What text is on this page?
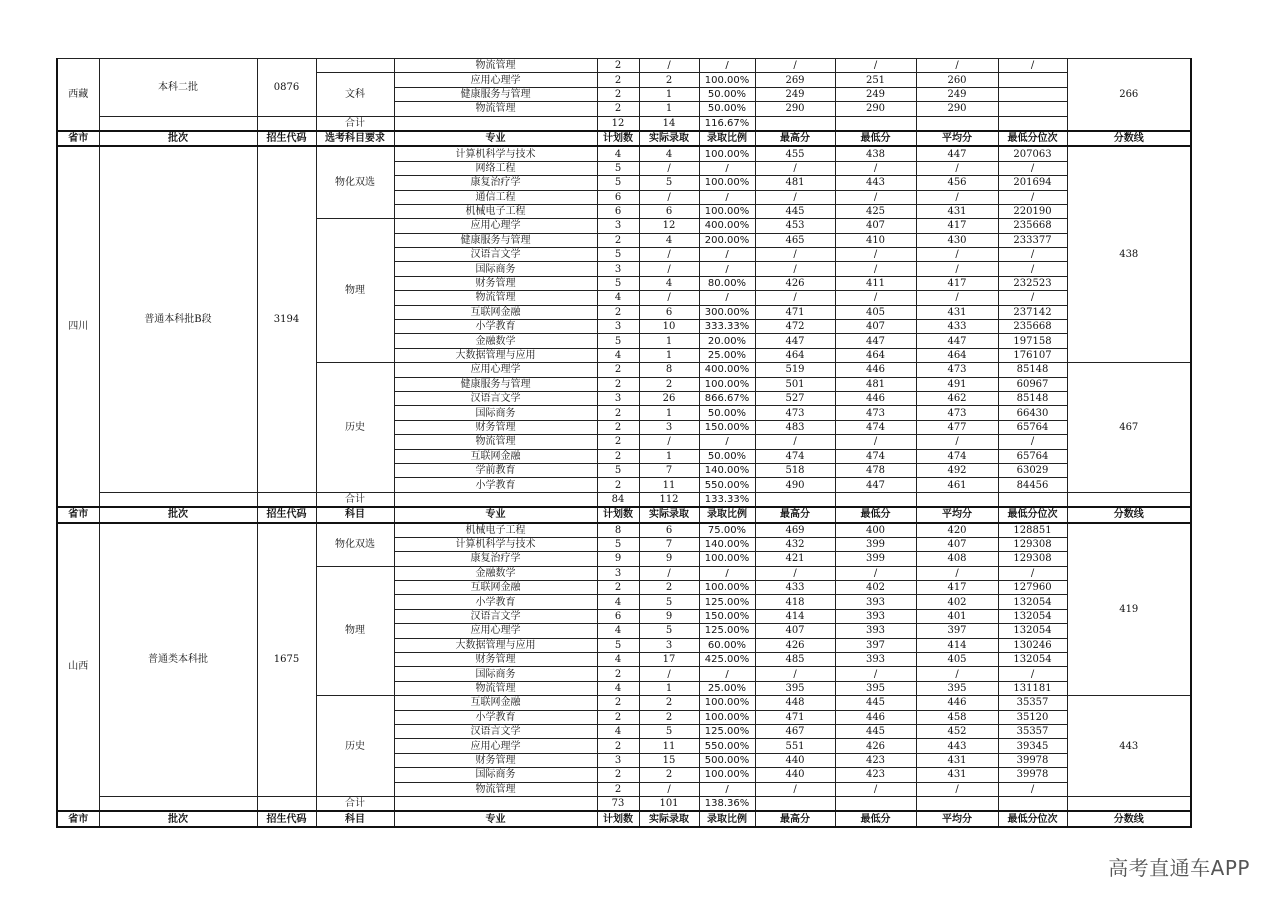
西藏	本科二批	0876		物流管理	2	/	/	/	/	/	/	266
			文科	应用心理学	2	2	100.00%	269	251	260		
				健康服务与管理	2	1	50.00%	249	249	249		
				物流管理	2	1	50.00%	290	290	290		
			合计		12	14	116.67%					
省市	批次	招生代码	选考科目要求	专业	计划数	实际录取	录取比例	最高分	最低分	平均分	最低分位次	分数线
四川	普通本科批B段	3194	物化双选	计算机科学与技术	4	4	100.00%	455	438	447	207063	438
				网络工程	5	/	/	/	/	/	/	
				康复治疗学	5	5	100.00%	481	443	456	201694	
				通信工程	6	/	/	/	/	/	/	
				机械电子工程	6	6	100.00%	445	425	431	220190	
			物理	应用心理学	3	12	400.00%	453	407	417	235668	
				健康服务与管理	2	4	200.00%	465	410	430	233377	
				汉语言文学	5	/	/	/	/	/	/	
				国际商务	3	/	/	/	/	/	/	
				财务管理	5	4	80.00%	426	411	417	232523	
				物流管理	4	/	/	/	/	/	/	
				互联网金融	2	6	300.00%	471	405	431	237142	
				小学教育	3	10	333.33%	472	407	433	235668	
				金融数学	5	1	20.00%	447	447	447	197158	
				大数据管理与应用	4	1	25.00%	464	464	464	176107	
			历史	应用心理学	2	8	400.00%	519	446	473	85148	467
				健康服务与管理	2	2	100.00%	501	481	491	60967	
				汉语言文学	3	26	866.67%	527	446	462	85148	
				国际商务	2	1	50.00%	473	473	473	66430	
				财务管理	2	3	150.00%	483	474	477	65764	
				物流管理	2	/	/	/	/	/	/	
				互联网金融	2	1	50.00%	474	474	474	65764	
				学前教育	5	7	140.00%	518	478	492	63029	
				小学教育	2	11	550.00%	490	447	461	84456	
			合计		84	112	133.33%					
省市	批次	招生代码	科目	专业	计划数	实际录取	录取比例	最高分	最低分	平均分	最低分位次	分数线
山西	普通类本科批	1675	物化双选	机械电子工程	8	6	75.00%	469	400	420	128851	419
				计算机科学与技术	5	7	140.00%	432	399	407	129308	
				康复治疗学	9	9	100.00%	421	399	408	129308	
			物理	金融数学	3	/	/	/	/	/	/	
				互联网金融	2	2	100.00%	433	402	417	127960	
				小学教育	4	5	125.00%	418	393	402	132054	
				汉语言文学	6	9	150.00%	414	393	401	132054	
				应用心理学	4	5	125.00%	407	393	397	132054	
				大数据管理与应用	5	3	60.00%	426	397	414	130246	
				财务管理	4	17	425.00%	485	393	405	132054	
				国际商务	2	/	/	/	/	/	/	
				物流管理	4	1	25.00%	395	395	395	131181	
			历史	互联网金融	2	2	100.00%	448	445	446	35357	443
				小学教育	2	2	100.00%	471	446	458	35120	
				汉语言文学	4	5	125.00%	467	445	452	35357	
				应用心理学	2	11	550.00%	551	426	443	39345	
				财务管理	3	15	500.00%	440	423	431	39978	
				国际商务	2	2	100.00%	440	423	431	39978	
				物流管理	2	/	/	/	/	/	/	
			合计		73	101	138.36%					
省市	批次	招生代码	科目	专业	计划数	实际录取	录取比例	最高分	最低分	平均分	最低分位次	分数线
高考直通车APP
